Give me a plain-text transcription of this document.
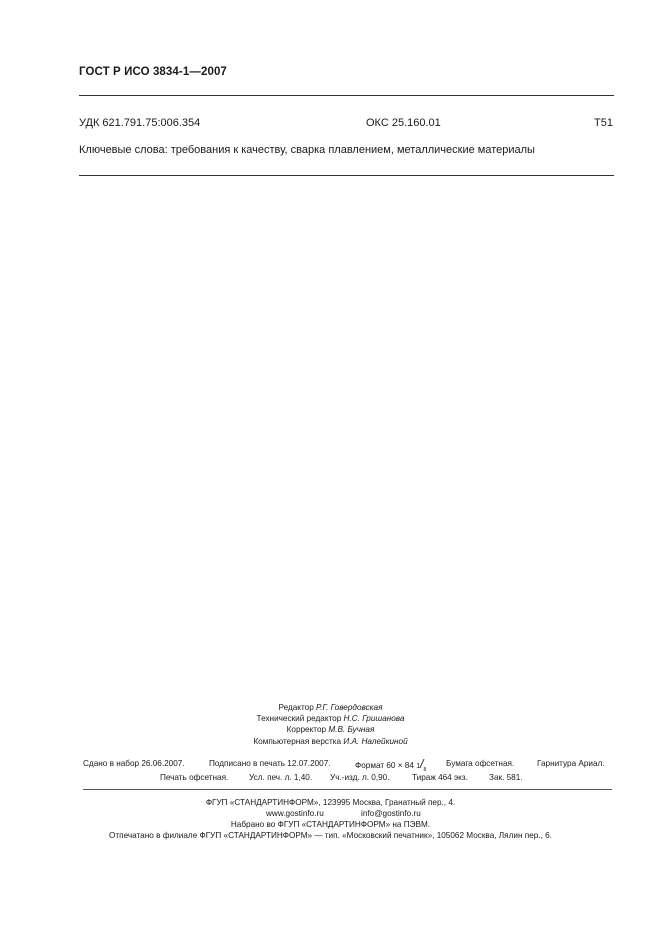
ГОСТ Р ИСО 3834-1—2007
УДК 621.791.75:006.354	ОКС 25.160.01	Т51
Ключевые слова: требования к качеству, сварка плавлением, металлические материалы
Редактор Р.Г. Говердовская
Технический редактор Н.С. Гришанова
Корректор М.В. Бучная
Компьютерная верстка И.А. Налейкиной
Сдано в набор 26.06.2007.	Подписано в печать 12.07.2007.	Формат 60 × 84 $1/_8$
Бумага офсетная.	Гарнитура Ариал.
Печать офсетная.	Усл. печ. л. 1,40. Уч.-изд. л. 0,90.	Тираж 464 экз.	Зак. 581.
ФГУП «СТАНДАРТИНФОРМ», 123995 Москва, Гранатный пер., 4.
www.gostinfo.ru	info@gostinfo.ru
Набрано во ФГУП «СТАНДАРТИНФОРМ» на ПЭВМ.
Отпечатано в филиале ФГУП «СТАНДАРТИНФОРМ» — тип. «Московский печатник», 105062 Москва, Лялин пер., 6.
